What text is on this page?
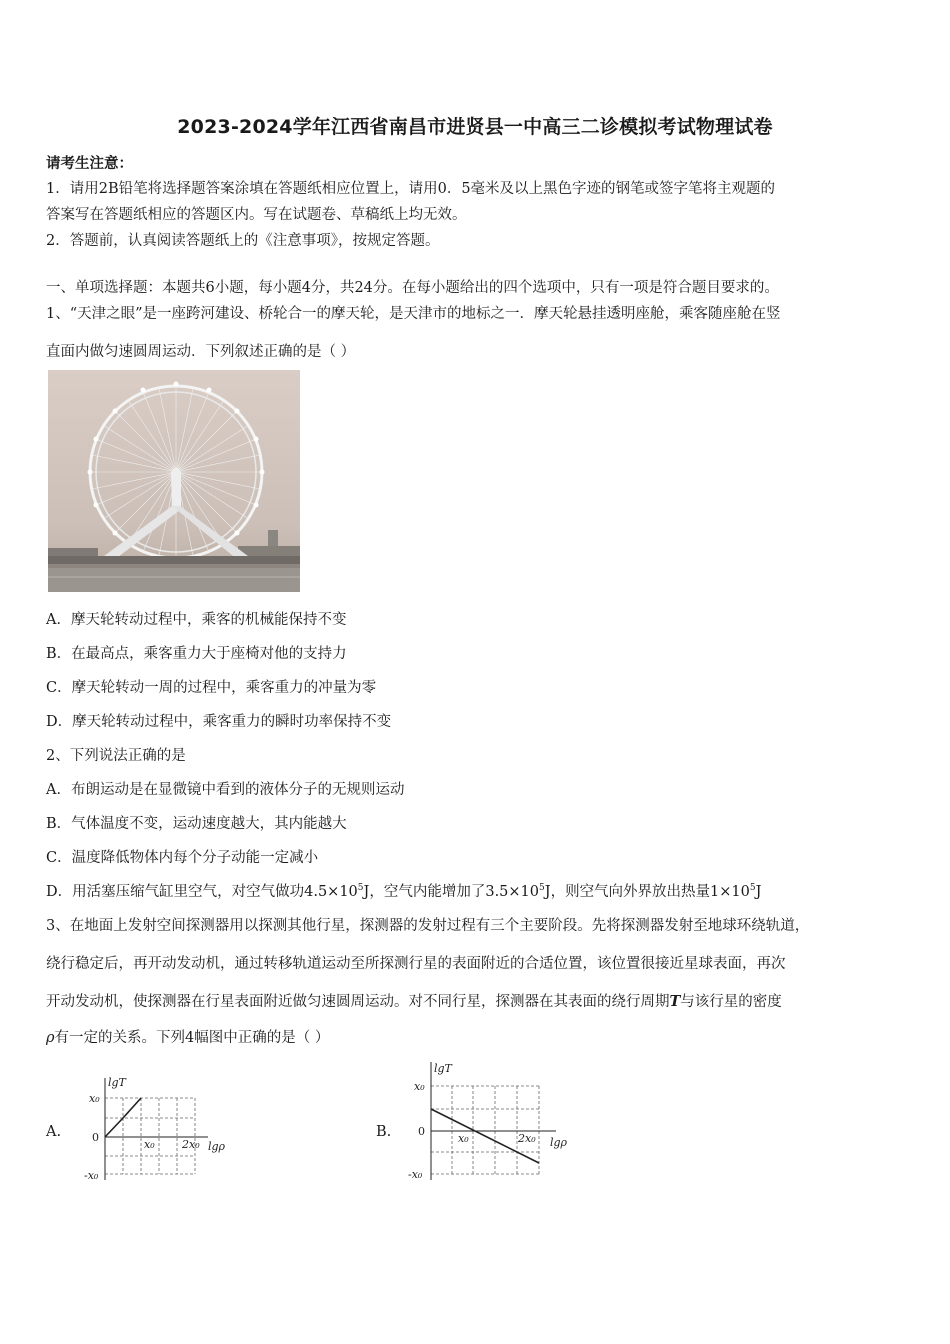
2023-2024学年江西省南昌市进贤县一中高三二诊模拟考试物理试卷
请考生注意：
1．请用2B铅笔将选择题答案涂填在答题纸相应位置上，请用0．5毫米及以上黑色字迹的钢笔或签字笔将主观题的
答案写在答题纸相应的答题区内。写在试题卷、草稿纸上均无效。
2．答题前，认真阅读答题纸上的《注意事项》，按规定答题。
一、单项选择题：本题共6小题，每小题4分，共24分。在每小题给出的四个选项中，只有一项是符合题目要求的。
1、“天津之眼”是一座跨河建设、桥轮合一的摩天轮，是天津市的地标之一．摩天轮悬挂透明座舱，乘客随座舱在竖
直面内做匀速圆周运动．下列叙述正确的是（ ）
A．摩天轮转动过程中，乘客的机械能保持不变
B．在最高点，乘客重力大于座椅对他的支持力
C．摩天轮转动一周的过程中，乘客重力的冲量为零
D．摩天轮转动过程中，乘客重力的瞬时功率保持不变
2、下列说法正确的是
A．布朗运动是在显微镜中看到的液体分子的无规则运动
B．气体温度不变，运动速度越大，其内能越大
C．温度降低物体内每个分子动能一定减小
D．用活塞压缩气缸里空气，对空气做功$4.5\times 10^5J$，空气内能增加了$3.5\times 10^5J$，则空气向外界放出热量$1\times 10^5J$
3、在地面上发射空间探测器用以探测其他行星，探测器的发射过程有三个主要阶段。先将探测器发射至地球环绕轨道，
绕行稳定后，再开动发动机，通过转移轨道运动至所探测行星的表面附近的合适位置，该位置很接近星球表面，再次
开动发动机，使探测器在行星表面附近做匀速圆周运动。对不同行星，探测器在其表面的绕行周期T与该行星的密度
ρ有一定的关系。下列4幅图中正确的是（ ）
A.
lgT
x₀
0
-x₀
x₀ 2x₀ lgρ
B.
lgT
x₀
0
-x₀
x₀	2x₀ lgρ
